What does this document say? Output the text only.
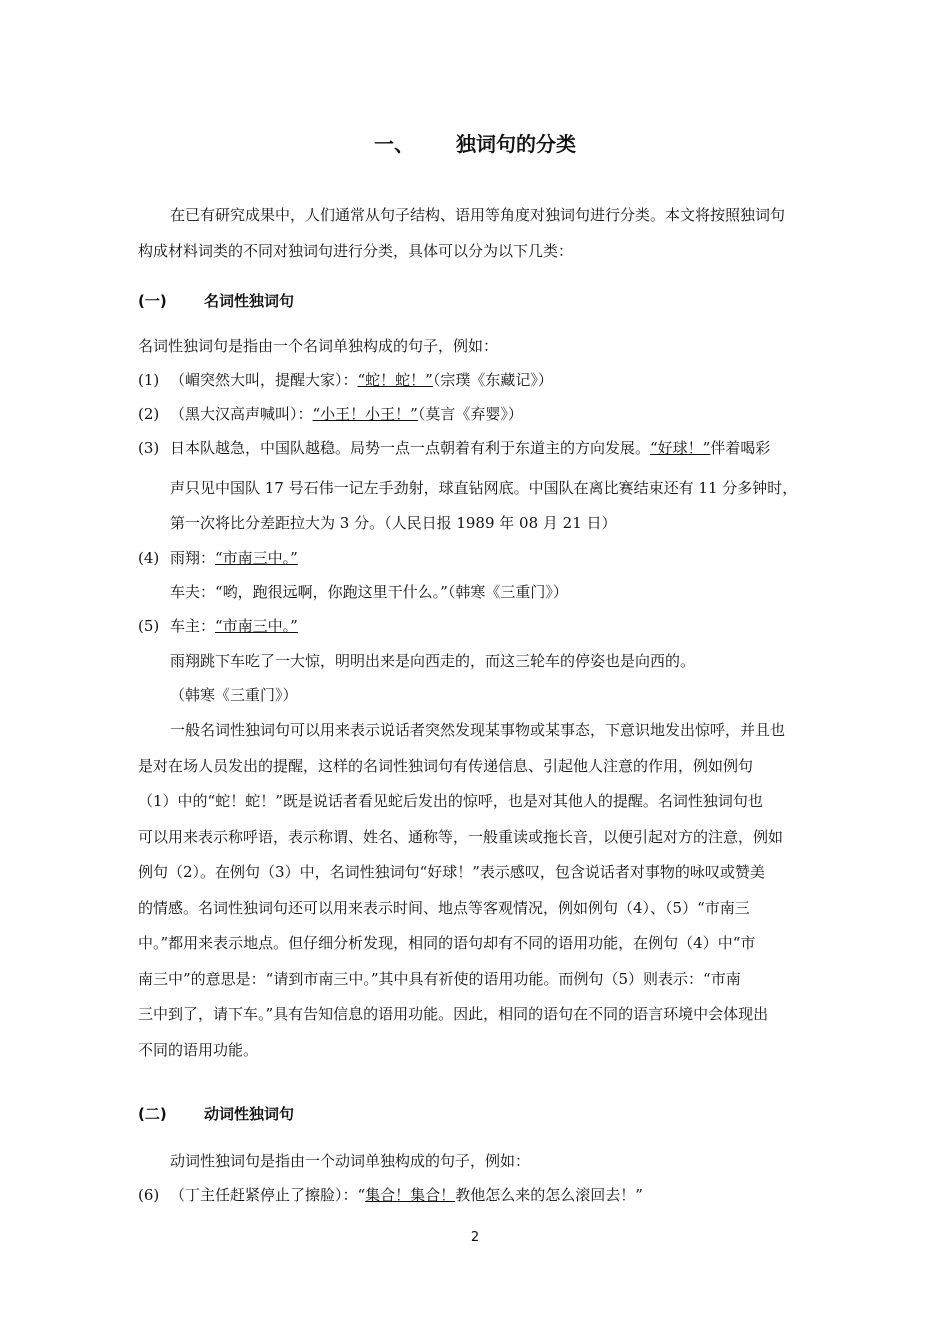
一、 独词句的分类
在已有研究成果中，人们通常从句子结构、语用等角度对独词句进行分类。本文将按照独词句
构成材料词类的不同对独词句进行分类，具体可以分为以下几类：
(一) 名词性独词句
名词性独词句是指由一个名词单独构成的句子，例如：
(1) （嵋突然大叫，提醒大家）：“蛇！蛇！”（宗璞《东藏记》）
(2) （黑大汉高声喊叫）：“小王！小王！”（莫言《弃婴》）
(3) 日本队越急，中国队越稳。局势一点一点朝着有利于东道主的方向发展。“好球！”伴着喝彩
声只见中国队 17 号石伟一记左手劲射，球直钻网底。中国队在离比赛结束还有 11 分多钟时，
第一次将比分差距拉大为 3 分。（人民日报 1989 年 08 月 21 日）
(4) 雨翔：“市南三中。”
车夫：“哟，跑很远啊，你跑这里干什么。”（韩寒《三重门》）
(5) 车主：“市南三中。”
雨翔跳下车吃了一大惊，明明出来是向西走的，而这三轮车的停姿也是向西的。
（韩寒《三重门》）
一般名词性独词句可以用来表示说话者突然发现某事物或某事态，下意识地发出惊呼，并且也
是对在场人员发出的提醒，这样的名词性独词句有传递信息、引起他人注意的作用，例如例句
（1）中的“蛇！蛇！”既是说话者看见蛇后发出的惊呼，也是对其他人的提醒。名词性独词句也
可以用来表示称呼语，表示称谓、姓名、通称等，一般重读或拖长音，以便引起对方的注意，例如
例句（2）。在例句（3）中，名词性独词句“好球！”表示感叹，包含说话者对事物的咏叹或赞美
的情感。名词性独词句还可以用来表示时间、地点等客观情况，例如例句（4）、（5）“市南三
中。”都用来表示地点。但仔细分析发现，相同的语句却有不同的语用功能，在例句（4）中“市
南三中”的意思是：“请到市南三中。”其中具有祈使的语用功能。而例句（5）则表示：“市南
三中到了，请下车。”具有告知信息的语用功能。因此，相同的语句在不同的语言环境中会体现出
不同的语用功能。
(二) 动词性独词句
动词性独词句是指由一个动词单独构成的句子，例如：
(6) （丁主任赶紧停止了擦脸）：“集合！集合！教他怎么来的怎么滚回去！”
2
